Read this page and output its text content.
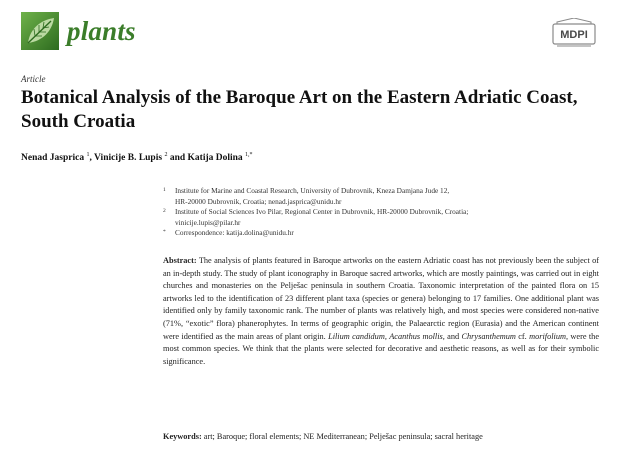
plants	MDPI
Article
Botanical Analysis of the Baroque Art on the Eastern Adriatic Coast, South Croatia
Nenad Jasprica $^1$, Vinicije B. Lupis $^2$ and Katija Dolina $^{1,*}$
1 Institute for Marine and Coastal Research, University of Dubrovnik, Kneza Damjana Jude 12,
HR-20000 Dubrovnik, Croatia; nenad.jasprica@unidu.hr
2 Institute of Social Sciences Ivo Pilar, Regional Center in Dubrovnik, HR-20000 Dubrovnik, Croatia;
vinicije.lupis@pilar.hr
* Correspondence: katija.dolina@unidu.hr

Abstract: The analysis of plants featured in Baroque artworks on the eastern Adriatic coast has not previously been the subject of an in-depth study. The study of plant iconography in Baroque sacred artworks, which are mostly paintings, was carried out in eight churches and monasteries on the Pelješac peninsula in southern Croatia. Taxonomic interpretation of the painted flora on 15 artworks led to the identification of 23 different plant taxa (species or genera) belonging to 17 families. One additional plant was identified only by family taxonomic rank. The number of plants was relatively high, and most species were considered non-native (71%, “exotic” flora) phanerophytes. In terms of geographic origin, the Palaearctic region (Eurasia) and the American continent were identified as the main areas of plant origin. Lilium candidum, Acanthus mollis, and Chrysanthemum cf. morifolium, were the most common species. We think that the plants were selected for decorative and aesthetic reasons, as well as for their symbolic significance.

Keywords: art; Baroque; floral elements; NE Mediterranean; Pelješac peninsula; sacral heritage
